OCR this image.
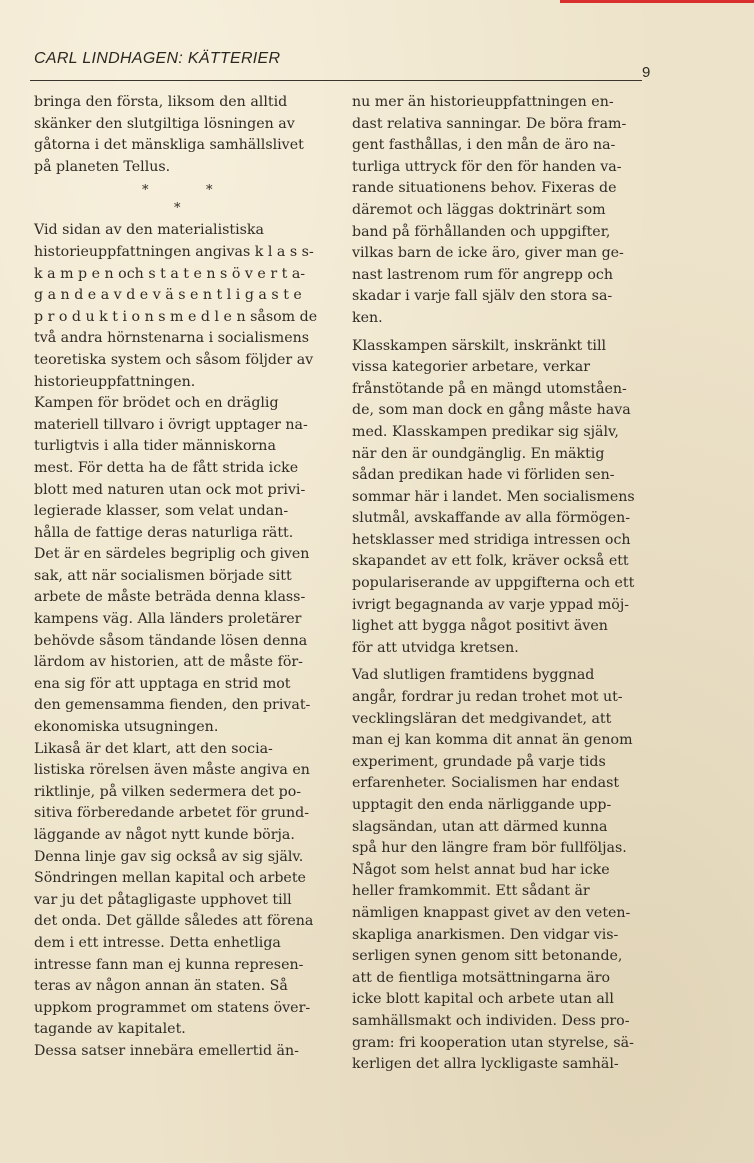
CARL LINDHAGEN: KÄTTERIER
9

bringa den första, liksom den alltid
skänker den slutgiltiga lösningen av
gåtorna i det mänskliga samhällslivet
på planeten Tellus.

*	*
*

Vid sidan av den materialistiska
historieuppfattningen angivas k l a s s-
k a m p e n och s t a t e n s ö v e r t a-
g a n d e a v d e v ä s e n t l i g a s t e
p r o d u k t i o n s m e d l e n såsom de
två andra hörnstenarna i socialismens
teoretiska system och såsom följder av
historieuppfattningen.

Kampen för brödet och en dräglig
materiell tillvaro i övrigt upptager na-
turligtvis i alla tider människorna
mest. För detta ha de fått strida icke
blott med naturen utan ock mot privi-
legierade klasser, som velat undan-
hålla de fattige deras naturliga rätt.
Det är en särdeles begriplig och given
sak, att när socialismen började sitt
arbete de måste beträda denna klass-
kampens väg. Alla länders proletärer
behövde såsom tändande lösen denna
lärdom av historien, att de måste för-
ena sig för att upptaga en strid mot
den gemensamma fienden, den privat-
ekonomiska utsugningen.

Likaså är det klart, att den socia-
listiska rörelsen även måste angiva en
riktlinje, på vilken sedermera det po-
sitiva förberedande arbetet för grund-
läggande av något nytt kunde börja.
Denna linje gav sig också av sig själv.
Söndringen mellan kapital och arbete
var ju det påtagligaste upphovet till
det onda. Det gällde således att förena
dem i ett intresse. Detta enhetliga
intresse fann man ej kunna represen-
teras av någon annan än staten. Så
uppkom programmet om statens över-
tagande av kapitalet.

Dessa satser innebära emellertid än-

nu mer än historieuppfattningen en-
dast relativa sanningar. De böra fram-
gent fasthållas, i den mån de äro na-
turliga uttryck för den för handen va-
rande situationens behov. Fixeras de
däremot och läggas doktrinärt som
band på förhållanden och uppgifter,
vilkas barn de icke äro, giver man ge-
nast lastrenom rum för angrepp och
skadar i varje fall själv den stora sa-
ken.

Klasskampen särskilt, inskränkt till
vissa kategorier arbetare, verkar
frånstötande på en mängd utomståen-
de, som man dock en gång måste hava
med. Klasskampen predikar sig själv,
när den är oundgänglig. En mäktig
sådan predikan hade vi förliden sen-
sommar här i landet. Men socialismens
slutmål, avskaffande av alla förmögen-
hetsklasser med stridiga intressen och
skapandet av ett folk, kräver också ett
populariserande av uppgifterna och ett
ivrigt begagnanda av varje yppad möj-
lighet att bygga något positivt även
för att utvidga kretsen.

Vad slutligen framtidens byggnad
angår, fordrar ju redan trohet mot ut-
vecklingsläran det medgivandet, att
man ej kan komma dit annat än genom
experiment, grundade på varje tids
erfarenheter. Socialismen har endast
upptagit den enda närliggande upp-
slagsändan, utan att därmed kunna
spå hur den längre fram bör fullföljas.
Något som helst annat bud har icke
heller framkommit. Ett sådant är
nämligen knappast givet av den veten-
skapliga anarkismen. Den vidgar vis-
serligen synen genom sitt betonande,
att de fientliga motsättningarna äro
icke blott kapital och arbete utan all
samhällsmakt och individen. Dess pro-
gram: fri kooperation utan styrelse, sä-
kerligen det allra lyckligaste samhäl-
